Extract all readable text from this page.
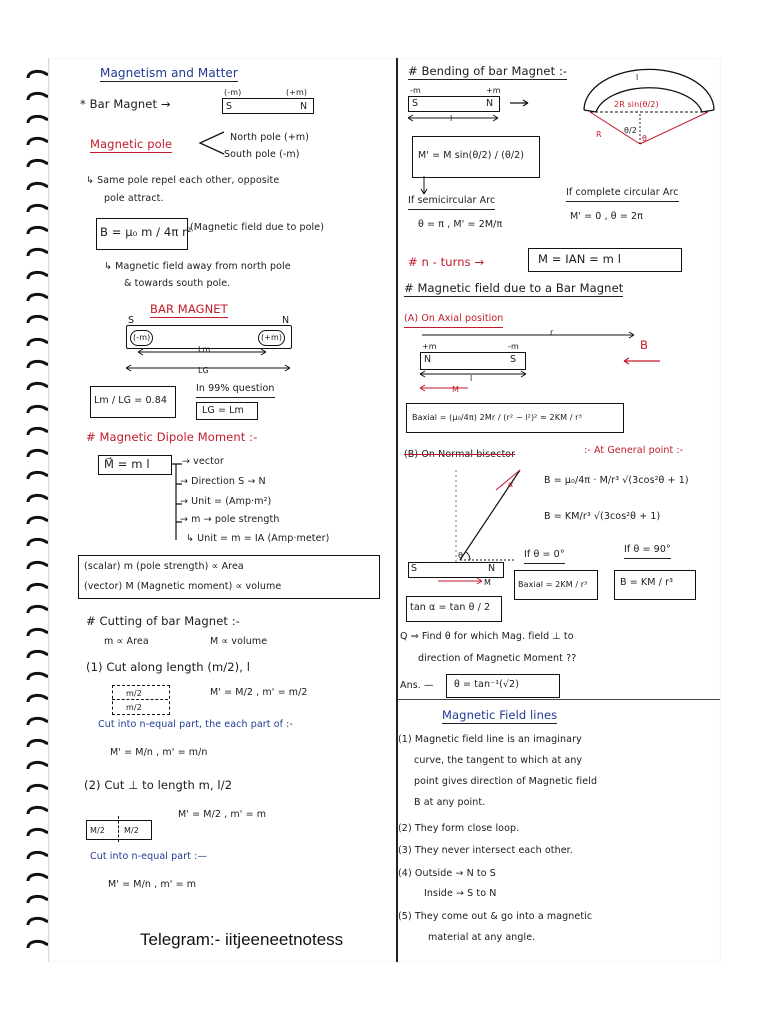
Magnetism and Matter
* Bar Magnet →
(-m)	(+m)
S	N
Magnetic pole	North pole (+m)
South pole (-m)
↳ Same pole repel each other, opposite
pole attract.
B = μ₀ m / 4π r²
(Magnetic field due to pole)
↳ Magnetic field away from north pole
& towards south pole.
BAR MAGNET
S	N
(-m)	(+m)
Lm
LG
Lm / LG = 0.84
In 99% question
LG = Lm
# Magnetic Dipole Moment :-
M⃗ = m l	→ vector
→ Direction S → N
→ Unit = (Amp·m²)
→ m → pole strength
↳ Unit = m = IA (Amp·meter)
(scalar) m (pole strength) ∝ Area
(vector) M (Magnetic moment) ∝ volume
# Cutting of bar Magnet :-
m ∝ Area	M ∝ volume
(1) Cut along length (m/2), l
m/2
m/2
M' = M/2 , m' = m/2
Cut into n-equal part, the each part of :-
M' = M/n , m' = m/n
(2) Cut ⊥ to length m, l/2
M/2 M/2
M' = M/2 , m' = m
Cut into n-equal part :—
M' = M/n , m' = m
# Bending of bar Magnet :-
-m	+m
S	N
l
l
2R sin(θ/2)
R	θ/2
θ
M' = M sin(θ/2) / (θ/2)
If semicircular Arc
If complete circular Arc
θ = π , M' = 2M/π
M' = 0 , θ = 2π
# n - turns →	M = IAN = m l
# Magnetic field due to a Bar Magnet
(A) On Axial position
r
+m	-m
N	S
l
M
B
Baxial = (μ₀/4π) 2Mr / (r² − l²)² ≈ 2KM / r³
(B) On Normal bisector	:- At General point :-
θ
α
S	N
M
B = μ₀/4π · M/r³ √(3cos²θ + 1)
B = KM/r³ √(3cos²θ + 1)
If θ = 0°	If θ = 90°
Baxial = 2KM / r³	B = KM / r³
tan α = tan θ / 2
Q ⇒ Find θ for which Mag. field ⊥ to
direction of Magnetic Moment ??
Ans. — θ = tan⁻¹(√2)
Magnetic Field lines
(1) Magnetic field line is an imaginary
curve, the tangent to which at any
point gives direction of Magnetic field
B at any point.
(2) They form close loop.
(3) They never intersect each other.
(4) Outside → N to S
Inside → S to N
(5) They come out & go into a magnetic
material at any angle.
Telegram:- iitjeeneetnotess
